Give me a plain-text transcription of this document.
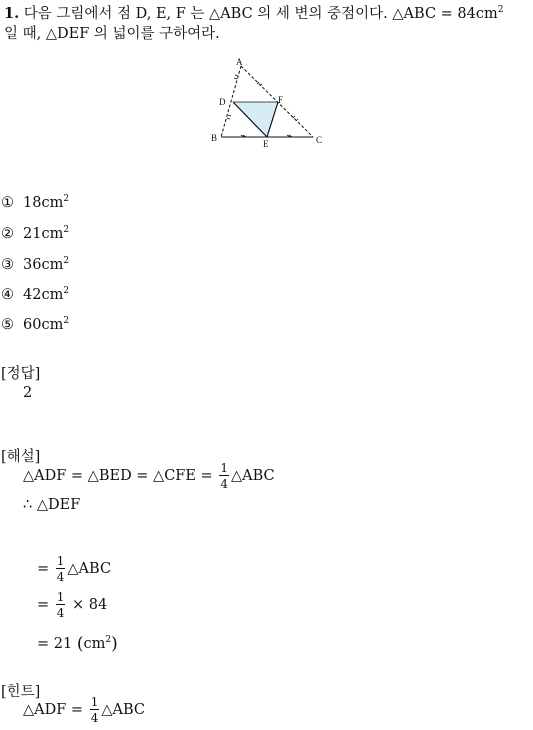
1. 다음 그림에서 점 D, E, F 는 △ABC 의 세 변의 중점이다. △ABC = $84cm^2$
일 때, △DEF 의 넓이를 구하여라.
A
B	C
D
E
F
① $18cm^2$
② $21cm^2$
③ $36cm^2$
④ $42cm^2$
⑤ $60cm^2$
[정답]
2
[해설]
△ADF = △BED = △CFE = $\frac{1}{4}$ △ABC
∴ △DEF
= $\frac{1}{4}$ △ABC
= $\frac{1}{4} \times 84$
= 21 $(cm^2)$
[힌트]
△ADF = $\frac{1}{4}$ △ABC
